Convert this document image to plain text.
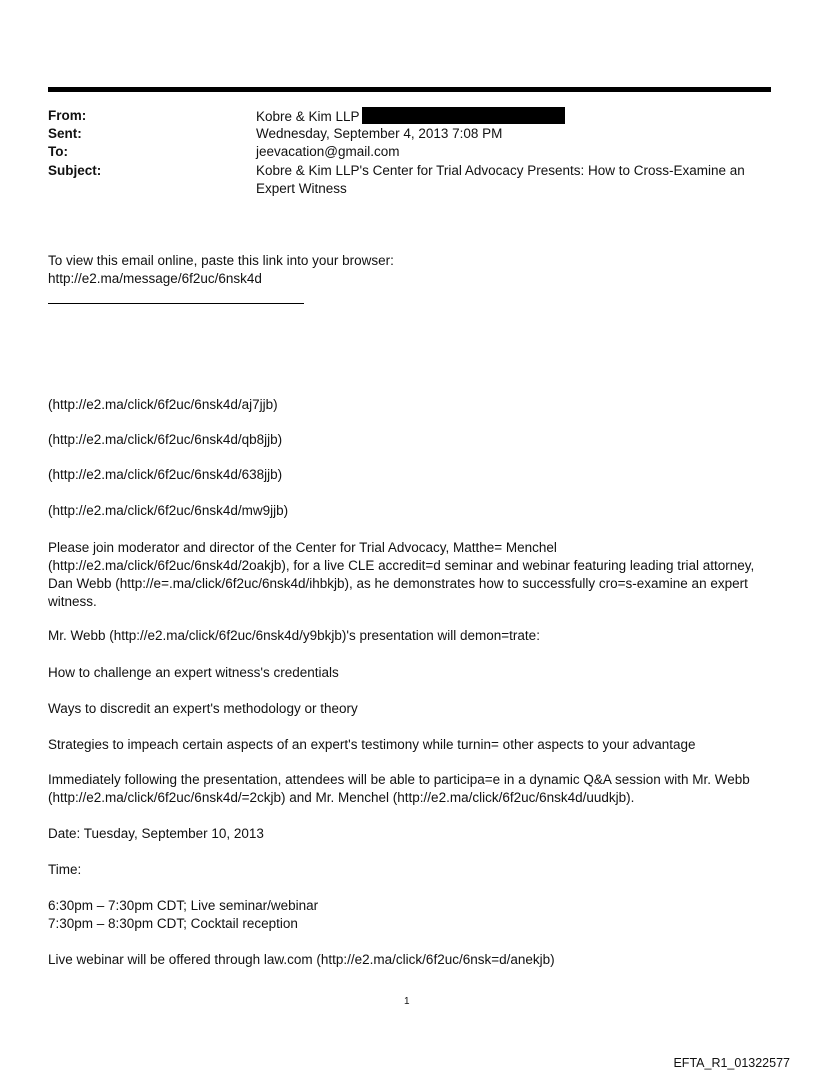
From:	Kobre & Kim LLP
Sent:	Wednesday, September 4, 2013 7:08 PM
To:	jeevacation@gmail.com
Subject:	Kobre & Kim LLP's Center for Trial Advocacy Presents: How to Cross-Examine an
Expert Witness
To view this email online, paste this link into your browser:
http://e2.ma/message/6f2uc/6nsk4d
(http://e2.ma/click/6f2uc/6nsk4d/aj7jjb)
(http://e2.ma/click/6f2uc/6nsk4d/qb8jjb)
(http://e2.ma/click/6f2uc/6nsk4d/638jjb)
(http://e2.ma/click/6f2uc/6nsk4d/mw9jjb)
Please join moderator and director of the Center for Trial Advocacy, Matthe= Menchel
(http://e2.ma/click/6f2uc/6nsk4d/2oakjb), for a live CLE accredit=d seminar and webinar featuring leading trial attorney,
Dan Webb (http://e=.ma/click/6f2uc/6nsk4d/ihbkjb), as he demonstrates how to successfully cro=s-examine an expert
witness.
Mr. Webb (http://e2.ma/click/6f2uc/6nsk4d/y9bkjb)'s presentation will demon=trate:
How to challenge an expert witness's credentials
Ways to discredit an expert's methodology or theory
Strategies to impeach certain aspects of an expert's testimony while turnin= other aspects to your advantage
Immediately following the presentation, attendees will be able to participa=e in a dynamic Q&A session with Mr. Webb
(http://e2.ma/click/6f2uc/6nsk4d/=2ckjb) and Mr. Menchel (http://e2.ma/click/6f2uc/6nsk4d/uudkjb).
Date: Tuesday, September 10, 2013
Time:
6:30pm – 7:30pm CDT; Live seminar/webinar
7:30pm – 8:30pm CDT; Cocktail reception
Live webinar will be offered through law.com (http://e2.ma/click/6f2uc/6nsk=d/anekjb)
1
EFTA_R1_01322577
